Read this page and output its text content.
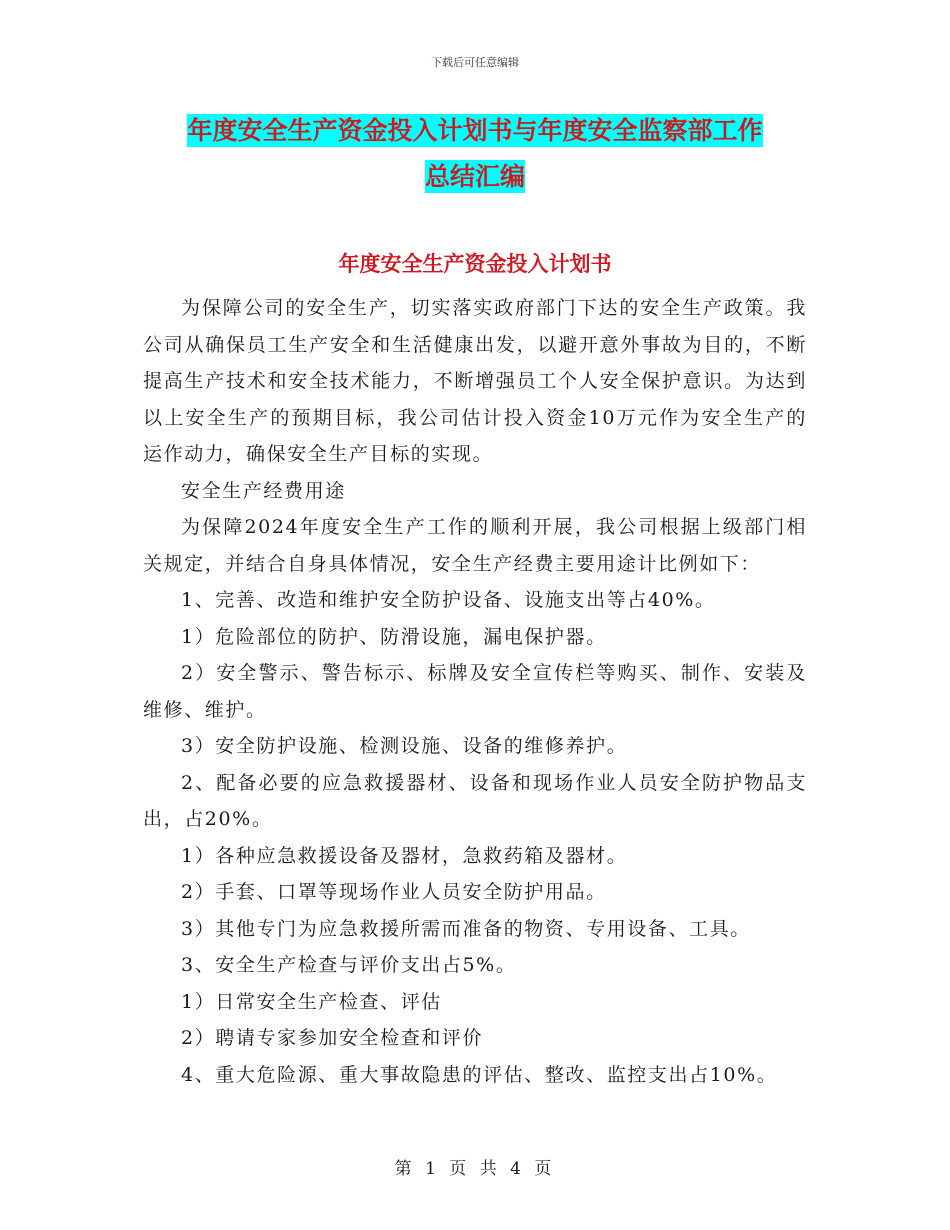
下载后可任意编辑
年度安全生产资金投入计划书与年度安全监察部工作
总结汇编
年度安全生产资金投入计划书

为保障公司的安全生产，切实落实政府部门下达的安全生产政策。我公司从确保员工生产安全和生活健康出发，以避开意外事故为目的，不断提高生产技术和安全技术能力，不断增强员工个人安全保护意识。为达到以上安全生产的预期目标，我公司估计投入资金10万元作为安全生产的运作动力，确保安全生产目标的实现。

安全生产经费用途

为保障2024年度安全生产工作的顺利开展，我公司根据上级部门相关规定，并结合自身具体情况，安全生产经费主要用途计比例如下：

1、完善、改造和维护安全防护设备、设施支出等占40%。

1）危险部位的防护、防滑设施，漏电保护器。

2）安全警示、警告标示、标牌及安全宣传栏等购买、制作、安装及维修、维护。

3）安全防护设施、检测设施、设备的维修养护。

2、配备必要的应急救援器材、设备和现场作业人员安全防护物品支出，占20%。

1）各种应急救援设备及器材，急救药箱及器材。

2）手套、口罩等现场作业人员安全防护用品。

3）其他专门为应急救援所需而准备的物资、专用设备、工具。

3、安全生产检查与评价支出占5%。

1）日常安全生产检查、评估

2）聘请专家参加安全检查和评价

4、重大危险源、重大事故隐患的评估、整改、监控支出占10%。

第 1 页 共 4 页
